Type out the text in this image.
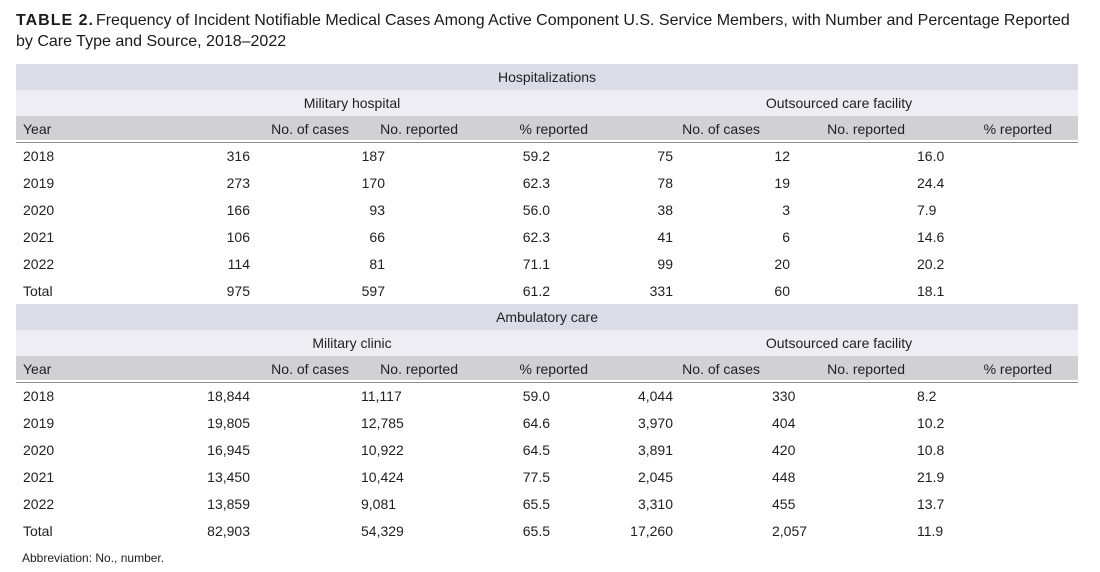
TABLE 2. Frequency of Incident Notifiable Medical Cases Among Active Component U.S. Service Members, with Number and Percentage Reported by Care Type and Source, 2018–2022
Hospitalizations						
	Military hospital			Outsourced care facility		
Year	No. of cases	No. reported	% reported	No. of cases	No. reported	% reported
2018	316	187	59.2	75	12	16.0
2019	273	170	62.3	78	19	24.4
2020	166	93	56.0	38	3	7.9
2021	106	66	62.3	41	6	14.6
2022	114	81	71.1	99	20	20.2
Total	975	597	61.2	331	60	18.1
Ambulatory care						
	Military clinic			Outsourced care facility		
Year	No. of cases	No. reported	% reported	No. of cases	No. reported	% reported
2018	18,844	11,117	59.0	4,044	330	8.2
2019	19,805	12,785	64.6	3,970	404	10.2
2020	16,945	10,922	64.5	3,891	420	10.8
2021	13,450	10,424	77.5	2,045	448	21.9
2022	13,859	9,081	65.5	3,310	455	13.7
Total	82,903	54,329	65.5	17,260	2,057	11.9
Abbreviation: No., number.
